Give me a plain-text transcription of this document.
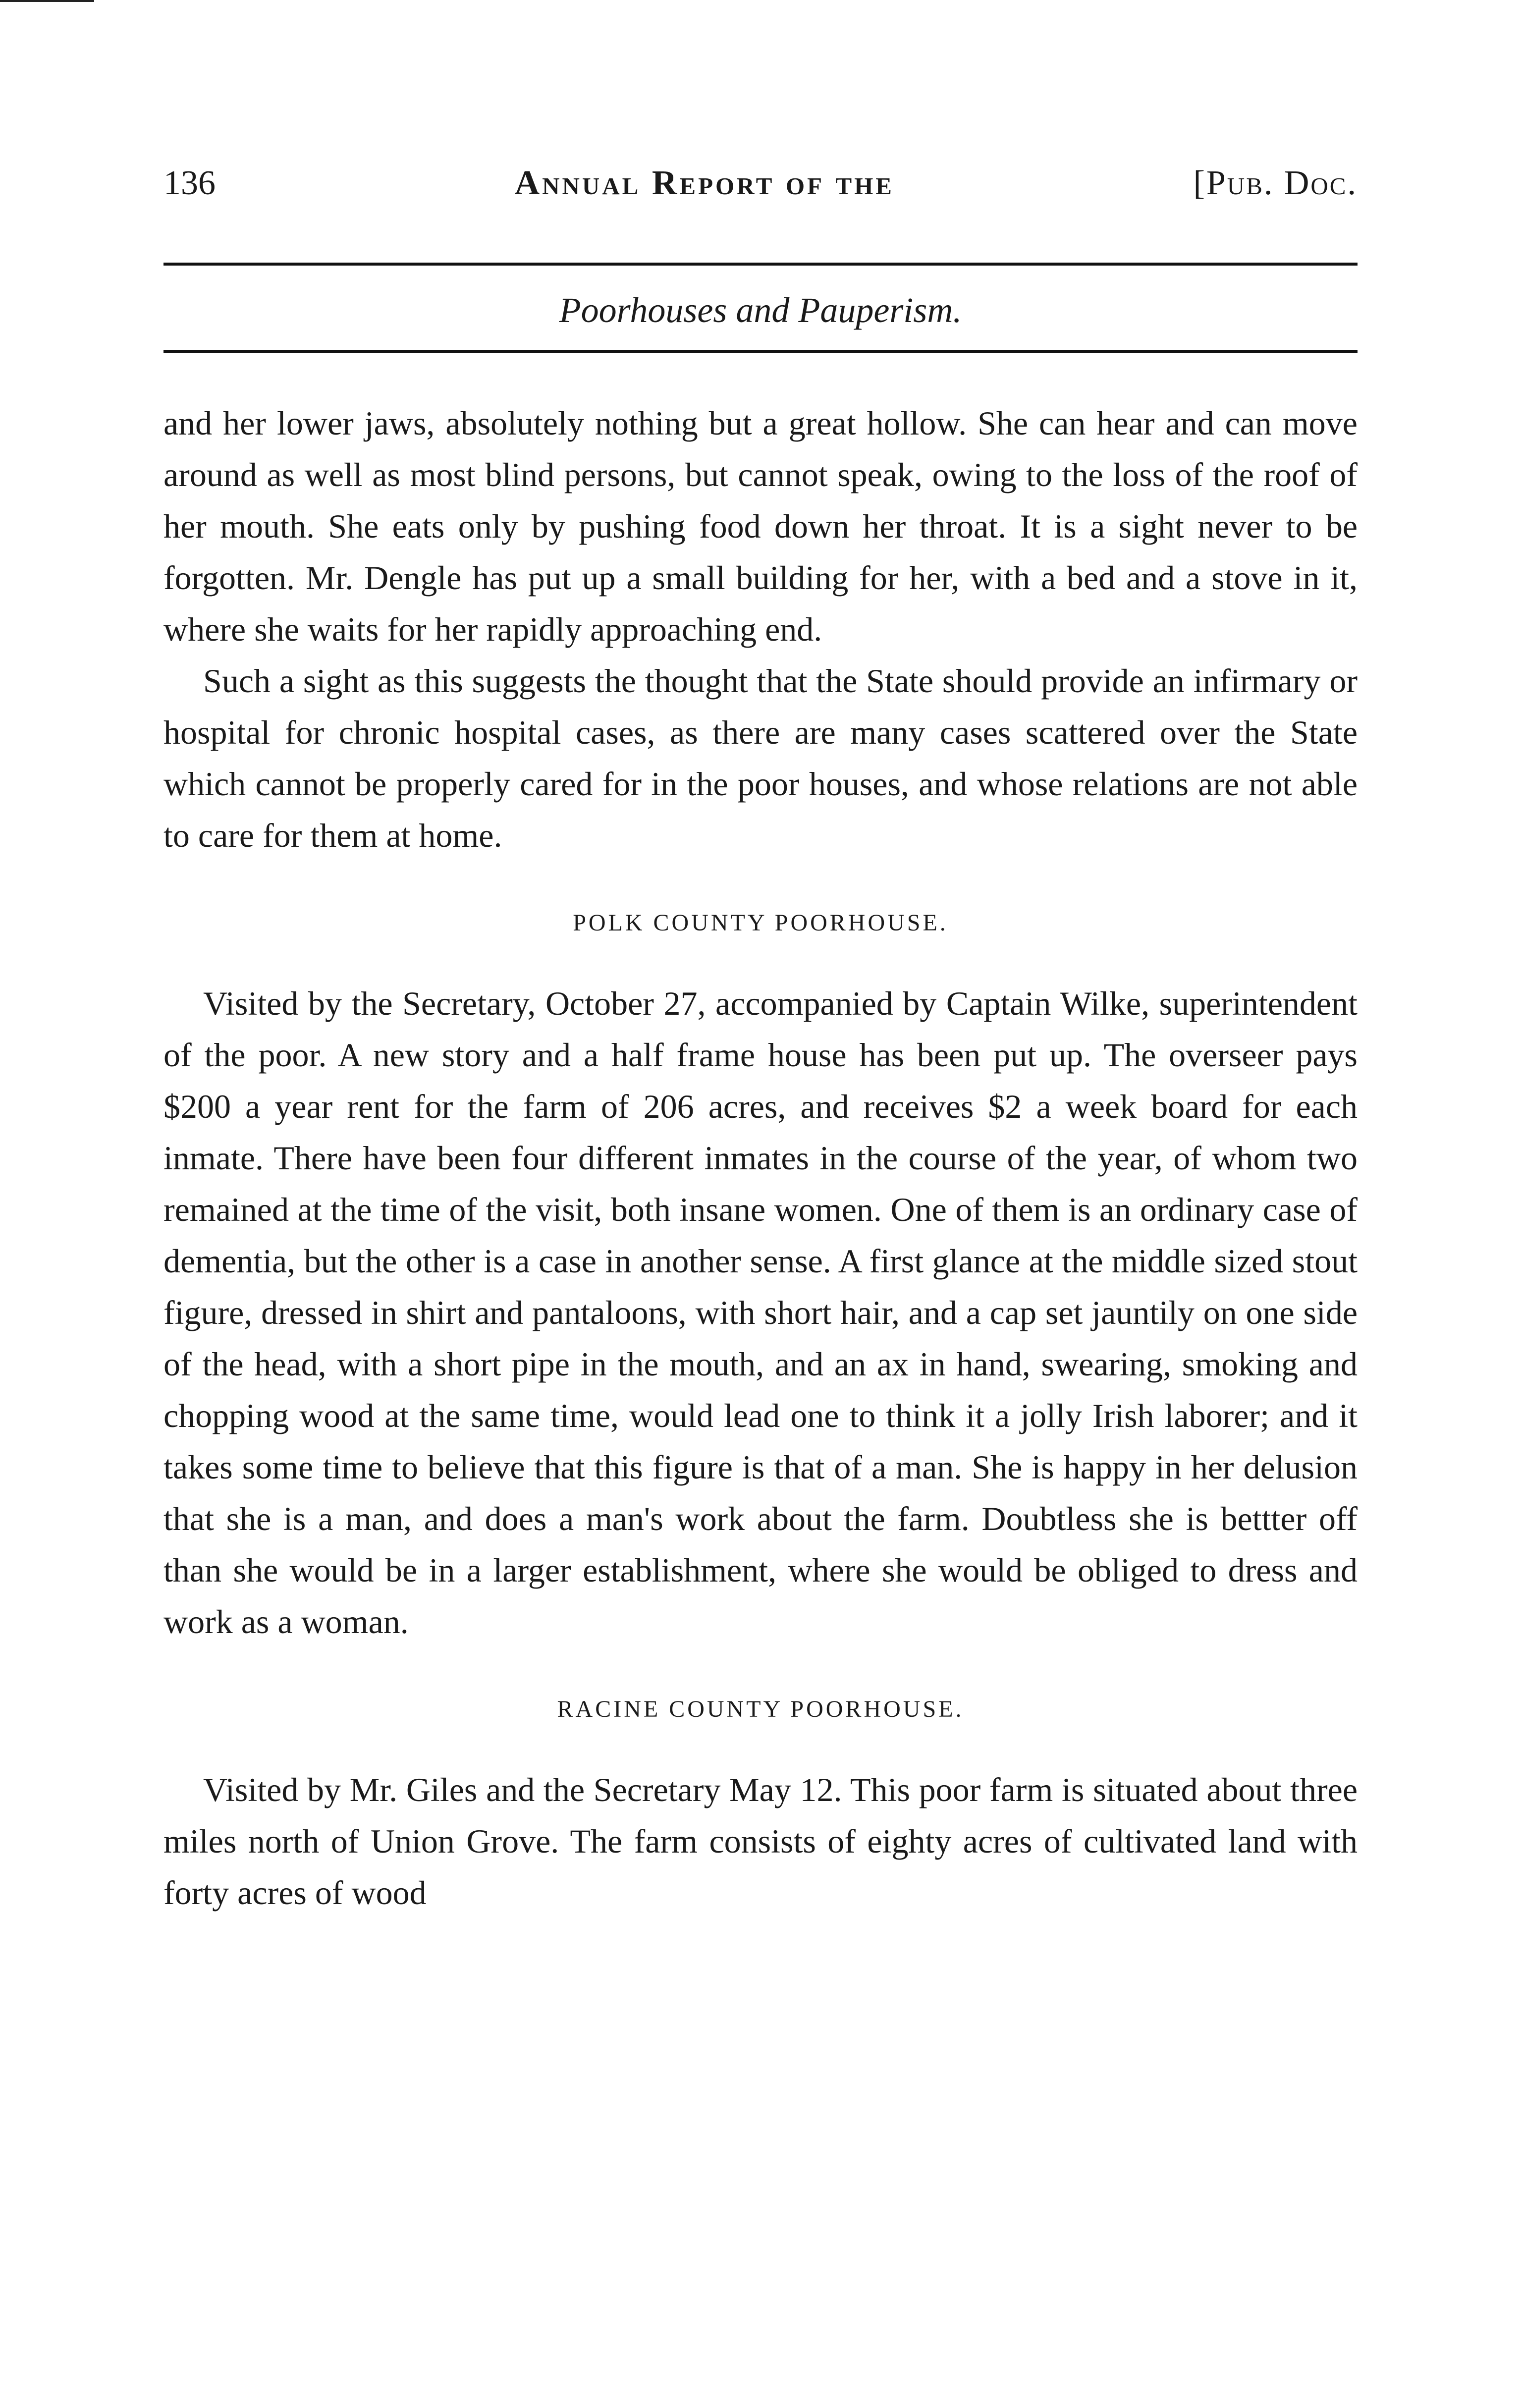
136	Annual Report of the	[Pub. Doc.
Poorhouses and Pauperism.

and her lower jaws, absolutely nothing but a great hollow. She can hear and can move around as well as most blind persons, but cannot speak, owing to the loss of the roof of her mouth. She eats only by pushing food down her throat. It is a sight never to be forgotten. Mr. Dengle has put up a small building for her, with a bed and a stove in it, where she waits for her rapidly approaching end.

Such a sight as this suggests the thought that the State should provide an infirmary or hospital for chronic hospital cases, as there are many cases scattered over the State which cannot be properly cared for in the poor houses, and whose relations are not able to care for them at home.

POLK COUNTY POORHOUSE.

Visited by the Secretary, October 27, accompanied by Captain Wilke, superintendent of the poor. A new story and a half frame house has been put up. The overseer pays $200 a year rent for the farm of 206 acres, and receives $2 a week board for each inmate. There have been four different inmates in the course of the year, of whom two remained at the time of the visit, both insane women. One of them is an ordinary case of dementia, but the other is a case in another sense. A first glance at the middle sized stout figure, dressed in shirt and pantaloons, with short hair, and a cap set jauntily on one side of the head, with a short pipe in the mouth, and an ax in hand, swearing, smoking and chopping wood at the same time, would lead one to think it a jolly Irish laborer; and it takes some time to believe that this figure is that of a man. She is happy in her delusion that she is a man, and does a man's work about the farm. Doubtless she is bettter off than she would be in a larger establishment, where she would be obliged to dress and work as a woman.

RACINE COUNTY POORHOUSE.

Visited by Mr. Giles and the Secretary May 12. This poor farm is situated about three miles north of Union Grove. The farm consists of eighty acres of cultivated land with forty acres of wood
